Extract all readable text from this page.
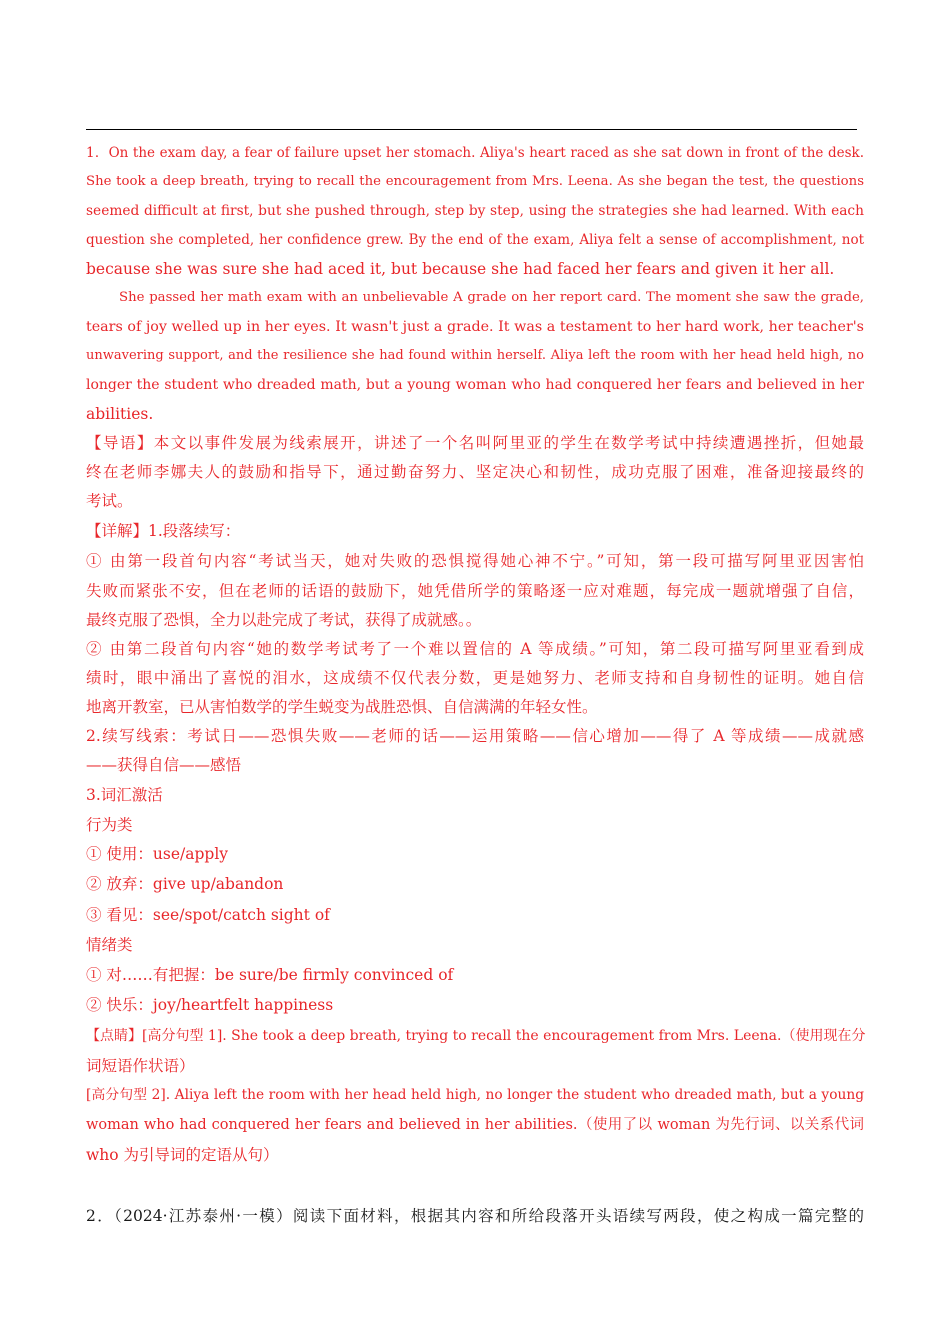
1．On the exam day, a fear of failure upset her stomach. Aliya's heart raced as she sat down in front of the desk.

She took a deep breath, trying to recall the encouragement from Mrs. Leena. As she began the test, the questions

seemed difficult at first, but she pushed through, step by step, using the strategies she had learned. With each

question she completed, her confidence grew. By the end of the exam, Aliya felt a sense of accomplishment, not

because she was sure she had aced it, but because she had faced her fears and given it her all.

She passed her math exam with an unbelievable A grade on her report card. The moment she saw the grade,

tears of joy welled up in her eyes. It wasn't just a grade. It was a testament to her hard work, her teacher's

unwavering support, and the resilience she had found within herself. Aliya left the room with her head held high, no

longer the student who dreaded math, but a young woman who had conquered her fears and believed in her

abilities.

【导语】本文以事件发展为线索展开，讲述了一个名叫阿里亚的学生在数学考试中持续遭遇挫折，但她最

终在老师李娜夫人的鼓励和指导下，通过勤奋努力、坚定决心和韧性，成功克服了困难，准备迎接最终的

考试。

【详解】1.段落续写：

① 由第一段首句内容“考试当天，她对失败的恐惧搅得她心神不宁。”可知，第一段可描写阿里亚因害怕

失败而紧张不安，但在老师的话语的鼓励下，她凭借所学的策略逐一应对难题，每完成一题就增强了自信，

最终克服了恐惧，全力以赴完成了考试，获得了成就感。。

② 由第二段首句内容“她的数学考试考了一个难以置信的 A 等成绩。”可知，第二段可描写阿里亚看到成

绩时，眼中涌出了喜悦的泪水，这成绩不仅代表分数，更是她努力、老师支持和自身韧性的证明。她自信

地离开教室，已从害怕数学的学生蜕变为战胜恐惧、自信满满的年轻女性。

2.续写线索：考试日——恐惧失败——老师的话——运用策略——信心增加——得了 A 等成绩——成就感

——获得自信——感悟

3.词汇激活

行为类

① 使用：use/apply

② 放弃：give up/abandon

③ 看见：see/spot/catch sight of

情绪类

① 对……有把握：be sure/be firmly convinced of

② 快乐：joy/heartfelt happiness

【点睛】[高分句型 1]. She took a deep breath, trying to recall the encouragement from Mrs. Leena.（使用现在分

词短语作状语）

[高分句型 2]. Aliya left the room with her head held high, no longer the student who dreaded math, but a young

woman who had conquered her fears and believed in her abilities.（使用了以 woman 为先行词、以关系代词

who 为引导词的定语从句）

2．（2024·江苏泰州·一模）阅读下面材料，根据其内容和所给段落开头语续写两段，使之构成一篇完整的
